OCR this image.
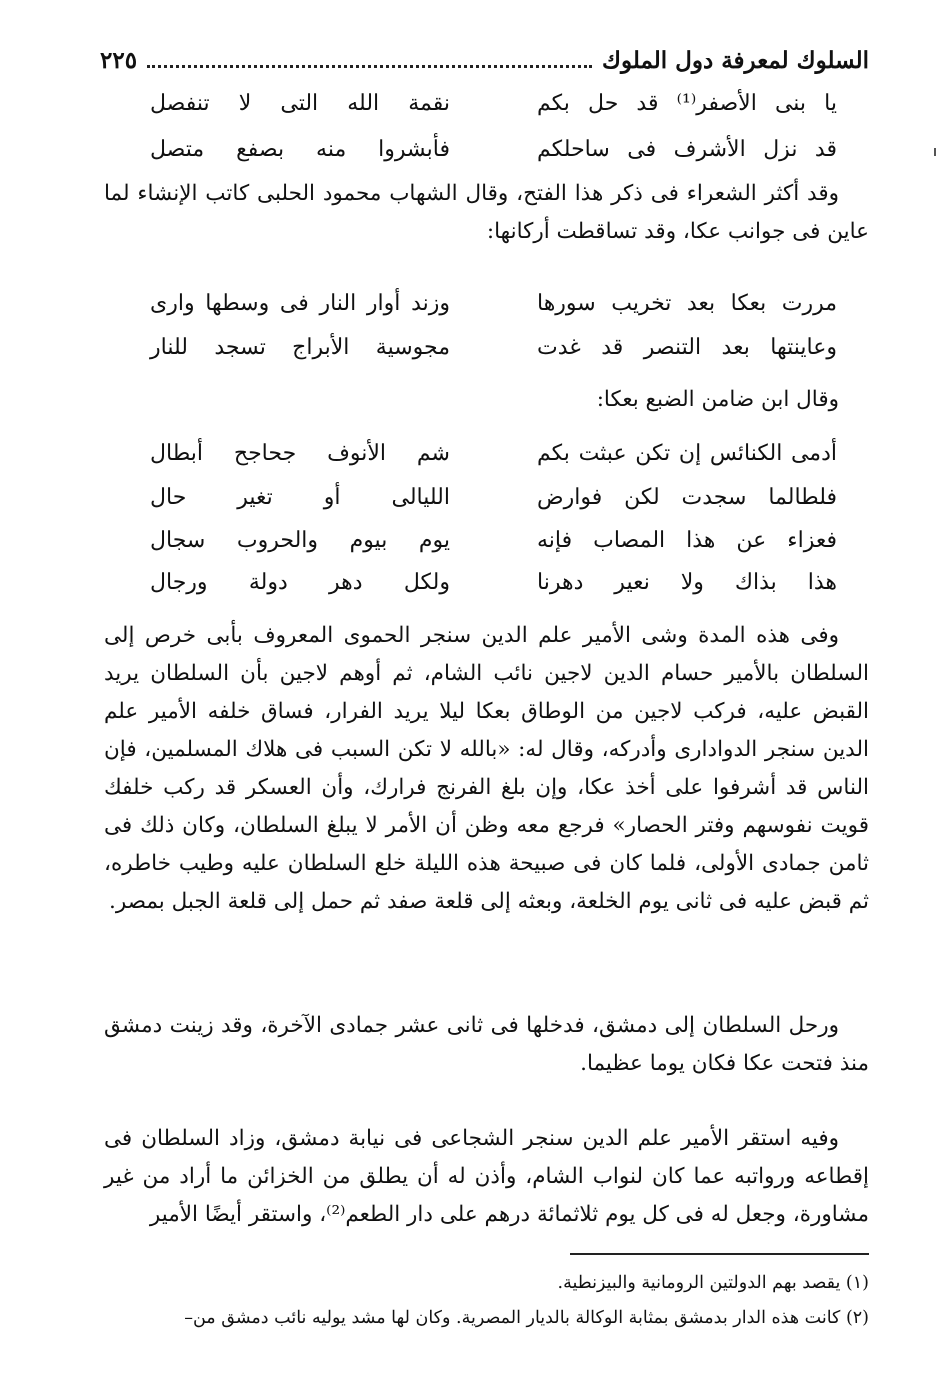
السلوك لمعرفة دول الملوك
٢٢٥
يا بنى الأصفر⁽¹⁾ قد حل بكم
نقمة الله التى لا تنفصل
قد نزل الأشرف فى ساحلكم
فأبشروا منه بصفع متصل

وقد أكثر الشعراء فى ذكر هذا الفتح، وقال الشهاب محمود الحلبى كاتب الإنشاء لما عاين فى جوانب عكا، وقد تساقطت أركانها:

مررت بعكا بعد تخريب سورها
وزند أوار النار فى وسطها وارى
وعاينتها بعد التنصر قد غدت
مجوسية الأبراج تسجد للنار

وقال ابن ضامن الضبع بعكا:

أدمى الكنائس إن تكن عبثت بكم
شم الأنوف جحاجح أبطال
فلطالما سجدت لكن فوارض
الليالى أو تغير حال
فعزاء عن هذا المصاب فإنه
يوم بيوم والحروب سجال
هذا بذاك ولا نعير دهرنا
ولكل دهر دولة ورجال

وفى هذه المدة وشى الأمير علم الدين سنجر الحموى المعروف بأبى خرص إلى السلطان بالأمير حسام الدين لاجين نائب الشام، ثم أوهم لاجين بأن السلطان يريد القبض عليه، فركب لاجين من الوطاق بعكا ليلا يريد الفرار، فساق خلفه الأمير علم الدين سنجر الدوادارى وأدركه، وقال له: «بالله لا تكن السبب فى هلاك المسلمين، فإن الناس قد أشرفوا على أخذ عكا، وإن بلغ الفرنج فرارك، وأن العسكر قد ركب خلفك قويت نفوسهم وفتر الحصار» فرجع معه وظن أن الأمر لا يبلغ السلطان، وكان ذلك فى ثامن جمادى الأولى، فلما كان فى صبيحة هذه الليلة خلع السلطان عليه وطيب خاطره، ثم قبض عليه فى ثانى يوم الخلعة، وبعثه إلى قلعة صفد ثم حمل إلى قلعة الجبل بمصر.

ورحل السلطان إلى دمشق، فدخلها فى ثانى عشر جمادى الآخرة، وقد زينت دمشق منذ فتحت عكا فكان يوما عظيما.

وفيه استقر الأمير علم الدين سنجر الشجاعى فى نيابة دمشق، وزاد السلطان فى إقطاعه ورواتبه عما كان لنواب الشام، وأذن له أن يطلق من الخزائن ما أراد من غير مشاورة، وجعل له فى كل يوم ثلاثمائة درهم على دار الطعم⁽²⁾، واستقر أيضًا الأمير

(١) يقصد بهم الدولتين الرومانية والبيزنطية.
(٢) كانت هذه الدار بدمشق بمثابة الوكالة بالديار المصرية. وكان لها مشد يوليه نائب دمشق من–
